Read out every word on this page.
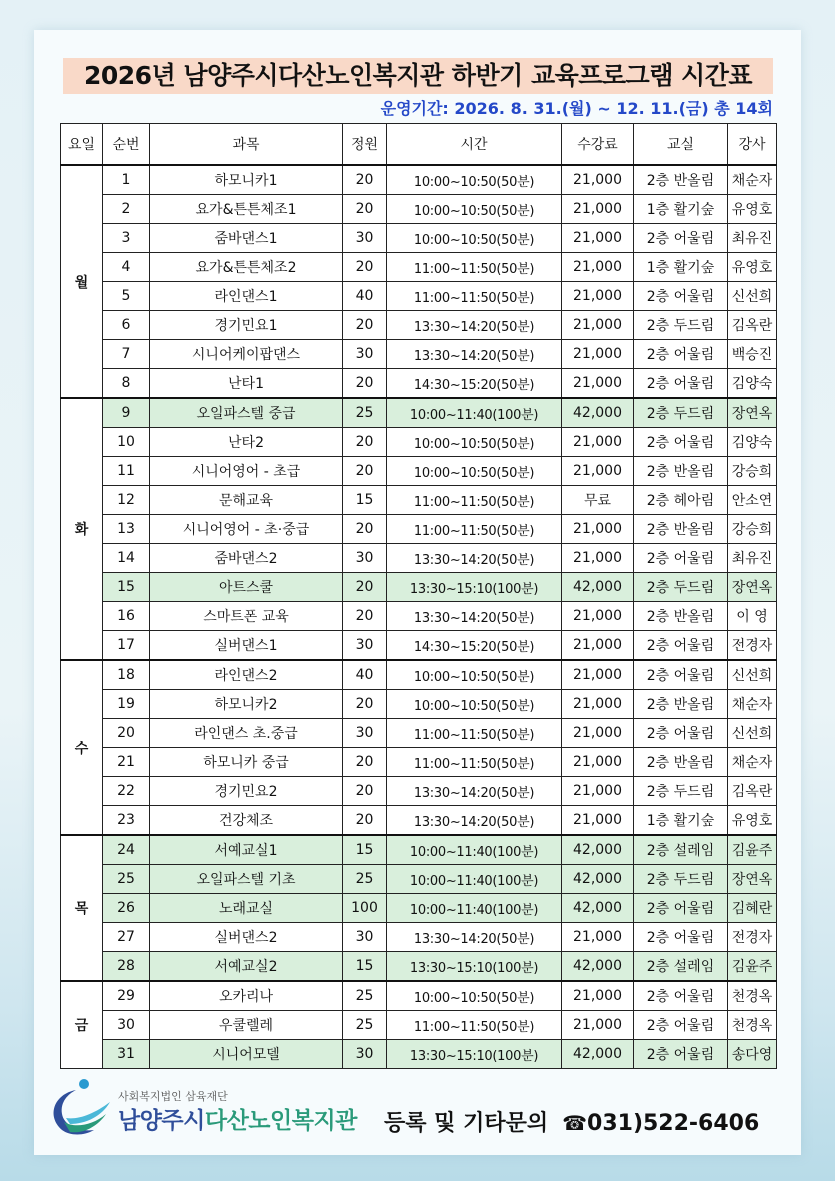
2026년 남양주시다산노인복지관 하반기 교육프로그램 시간표
운영기간: 2026. 8. 31.(월) ~ 12. 11.(금) 총 14회
요일	순번	과목	정원	시간	수강료	교실	강사
월	1	하모니카1	20	10:00~10:50(50분)	21,000	2층 반올림	채순자
	2	요가&튼튼체조1	20	10:00~10:50(50분)	21,000	1층 활기숲	유영호
	3	줌바댄스1	30	10:00~10:50(50분)	21,000	2층 어울림	최유진
	4	요가&튼튼체조2	20	11:00~11:50(50분)	21,000	1층 활기숲	유영호
	5	라인댄스1	40	11:00~11:50(50분)	21,000	2층 어울림	신선희
	6	경기민요1	20	13:30~14:20(50분)	21,000	2층 두드림	김옥란
	7	시니어케이팝댄스	30	13:30~14:20(50분)	21,000	2층 어울림	백승진
	8	난타1	20	14:30~15:20(50분)	21,000	2층 어울림	김양숙
화	9	오일파스텔 중급	25	10:00~11:40(100분)	42,000	2층 두드림	장연옥
	10	난타2	20	10:00~10:50(50분)	21,000	2층 어울림	김양숙
	11	시니어영어 - 초급	20	10:00~10:50(50분)	21,000	2층 반올림	강승희
	12	문해교육	15	11:00~11:50(50분)	무료	2층 헤아림	안소연
	13	시니어영어 - 초·중급	20	11:00~11:50(50분)	21,000	2층 반올림	강승희
	14	줌바댄스2	30	13:30~14:20(50분)	21,000	2층 어울림	최유진
	15	아트스쿨	20	13:30~15:10(100분)	42,000	2층 두드림	장연옥
	16	스마트폰 교육	20	13:30~14:20(50분)	21,000	2층 반올림	이 영
	17	실버댄스1	30	14:30~15:20(50분)	21,000	2층 어울림	전경자
수	18	라인댄스2	40	10:00~10:50(50분)	21,000	2층 어울림	신선희
	19	하모니카2	20	10:00~10:50(50분)	21,000	2층 반올림	채순자
	20	라인댄스 초.중급	30	11:00~11:50(50분)	21,000	2층 어울림	신선희
	21	하모니카 중급	20	11:00~11:50(50분)	21,000	2층 반올림	채순자
	22	경기민요2	20	13:30~14:20(50분)	21,000	2층 두드림	김옥란
	23	건강체조	20	13:30~14:20(50분)	21,000	1층 활기숲	유영호
목	24	서예교실1	15	10:00~11:40(100분)	42,000	2층 설레임	김윤주
	25	오일파스텔 기초	25	10:00~11:40(100분)	42,000	2층 두드림	장연옥
	26	노래교실	100	10:00~11:40(100분)	42,000	2층 어울림	김혜란
	27	실버댄스2	30	13:30~14:20(50분)	21,000	2층 어울림	전경자
	28	서예교실2	15	13:30~15:10(100분)	42,000	2층 설레임	김윤주
금	29	오카리나	25	10:00~10:50(50분)	21,000	2층 어울림	천경옥
	30	우쿨렐레	25	11:00~11:50(50분)	21,000	2층 어울림	천경옥
	31	시니어모델	30	13:30~15:10(100분)	42,000	2층 어울림	송다영
사회복지법인 삼육재단
남양주시다산노인복지관 등록 및 기타문의 ☎031)522-6406
